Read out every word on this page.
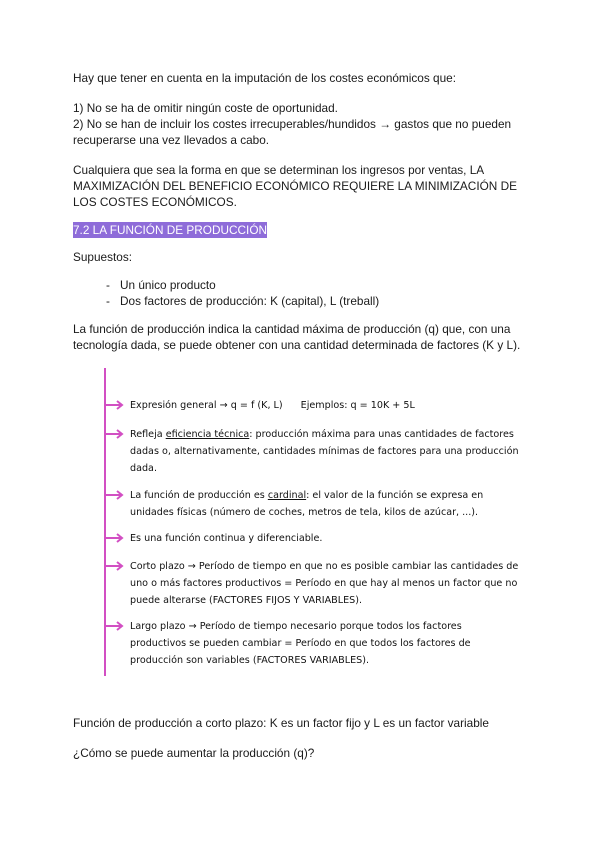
Hay que tener en cuenta en la imputación de los costes económicos que:
1) No se ha de omitir ningún coste de oportunidad.
2) No se han de incluir los costes irrecuperables/hundidos → gastos que no pueden recuperarse una vez llevados a cabo.
Cualquiera que sea la forma en que se determinan los ingresos por ventas, LA MAXIMIZACIÓN DEL BENEFICIO ECONÓMICO REQUIERE LA MINIMIZACIÓN DE LOS COSTES ECONÓMICOS.
7.2 LA FUNCIÓN DE PRODUCCIÓN
Supuestos:
- Un único producto
- Dos factores de producción: K (capital), L (treball)
La función de producción indica la cantidad máxima de producción (q) que, con una tecnología dada, se puede obtener con una cantidad determinada de factores (K y L).
Expresión general → q = f (K, L) Ejemplos: q = 10K + 5L
Refleja eficiencia técnica: producción máxima para unas cantidades de factores dadas o, alternativamente, cantidades mínimas de factores para una producción dada.
La función de producción es cardinal: el valor de la función se expresa en unidades físicas (número de coches, metros de tela, kilos de azúcar, ...).
Es una función continua y diferenciable.
Corto plazo → Período de tiempo en que no es posible cambiar las cantidades de uno o más factores productivos = Período en que hay al menos un factor que no puede alterarse (FACTORES FIJOS Y VARIABLES).
Largo plazo → Período de tiempo necesario porque todos los factores productivos se pueden cambiar = Período en que todos los factores de producción son variables (FACTORES VARIABLES).
Función de producción a corto plazo: K es un factor fijo y L es un factor variable
¿Cómo se puede aumentar la producción (q)?
